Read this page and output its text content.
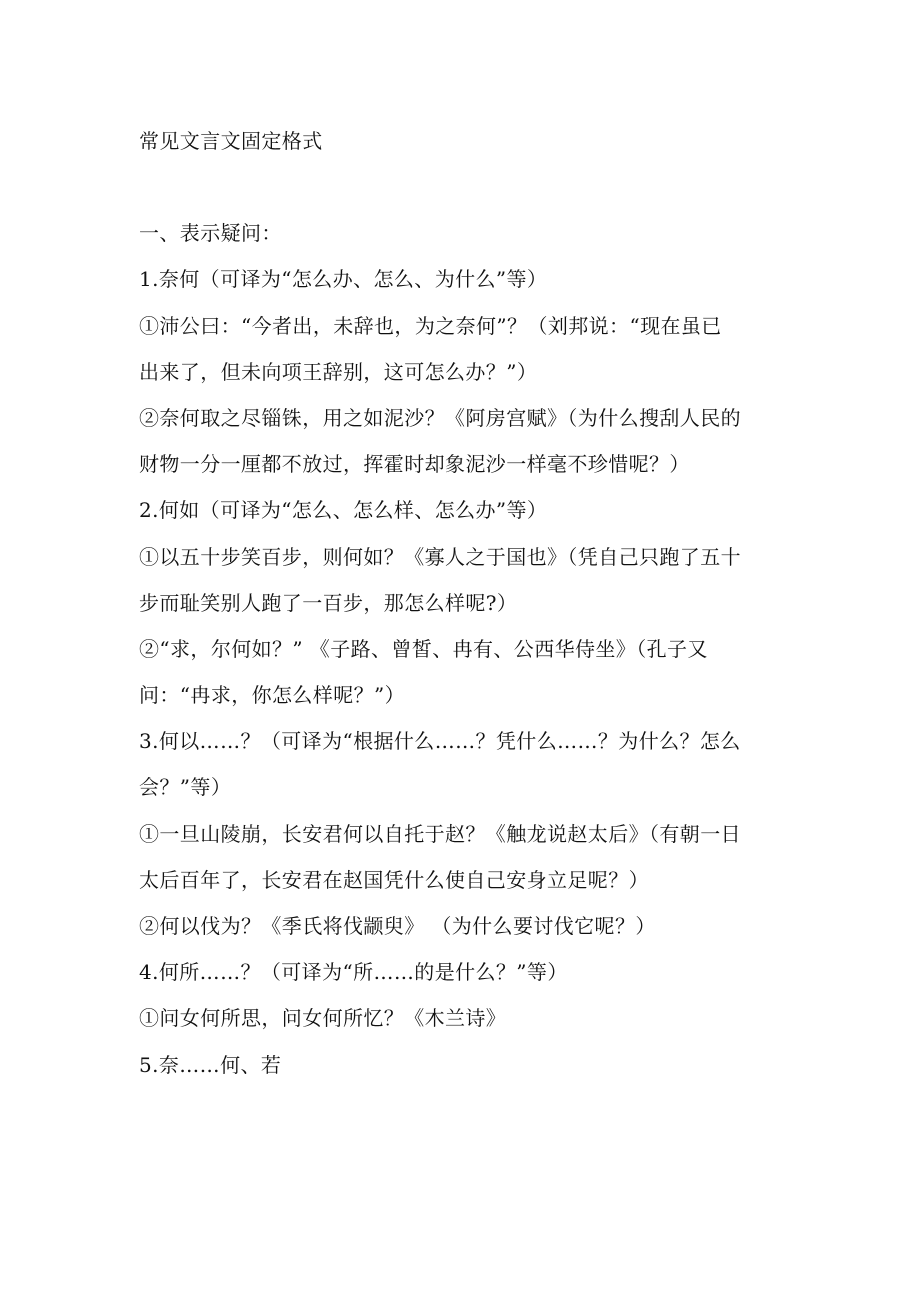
常见文言文固定格式
一、表示疑问：
1.奈何（可译为“怎么办、怎么、为什么”等）
①沛公曰：“今者出，未辞也，为之奈何”？（刘邦说：“现在虽已
出来了，但未向项王辞别，这可怎么办？”）
②奈何取之尽锱铢，用之如泥沙？《阿房宫赋》（为什么搜刮人民的
财物一分一厘都不放过，挥霍时却象泥沙一样毫不珍惜呢？）
2.何如（可译为“怎么、怎么样、怎么办”等）
①以五十步笑百步，则何如？《寡人之于国也》（凭自己只跑了五十
步而耻笑别人跑了一百步，那怎么样呢?）
②“求，尔何如？” 《子路、曾皙、冉有、公西华侍坐》（孔子又
问：“冉求，你怎么样呢？”）
3.何以……？（可译为“根据什么……？凭什么……？为什么？怎么
会？”等）
①一旦山陵崩，长安君何以自托于赵？《触龙说赵太后》（有朝一日
太后百年了，长安君在赵国凭什么使自己安身立足呢？）
②何以伐为？《季氏将伐颛臾》 （为什么要讨伐它呢？）
4.何所……？（可译为“所……的是什么？”等）
①问女何所思，问女何所忆？《木兰诗》
5.奈……何、若
